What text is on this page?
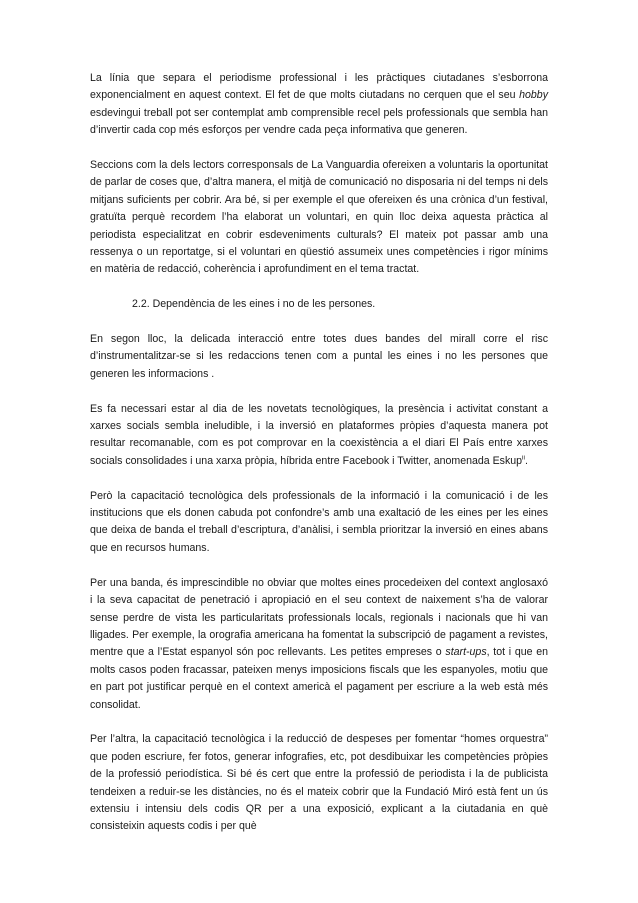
La línia que separa el periodisme professional i les pràctiques ciutadanes s’esborrona exponencialment en aquest context. El fet de que molts ciutadans no cerquen que el seu hobby esdevingui treball pot ser contemplat amb comprensible recel pels professionals que sembla han d’invertir cada cop més esforços per vendre cada peça informativa que generen.

Seccions com la dels lectors corresponsals de La Vanguardia ofereixen a voluntaris la oportunitat de parlar de coses que, d’altra manera, el mitjà de comunicació no disposaria ni del temps ni dels mitjans suficients per cobrir. Ara bé, si per exemple el que ofereixen és una crònica d’un festival, gratuïta perquè recordem l’ha elaborat un voluntari, en quin lloc deixa aquesta pràctica al periodista especialitzat en cobrir esdeveniments culturals? El mateix pot passar amb una ressenya o un reportatge, si el voluntari en qüestió assumeix unes competències i rigor mínims en matèria de redacció, coherència i aprofundiment en el tema tractat.

2.2. Dependència de les eines i no de les persones.

En segon lloc, la delicada interacció entre totes dues bandes del mirall corre el risc d’instrumentalitzar-se si les redaccions tenen com a puntal les eines i no les persones que generen les informacions .

Es fa necessari estar al dia de les novetats tecnològiques, la presència i activitat constant a xarxes socials sembla ineludible, i la inversió en plataformes pròpies d’aquesta manera pot resultar recomanable, com es pot comprovar en la coexistència a el diari El País entre xarxes socials consolidades i una xarxa pròpia, híbrida entre Facebook i Twitter, anomenada Eskup$^{ii}$.

Però la capacitació tecnològica dels professionals de la informació i la comunicació i de les institucions que els donen cabuda pot confondre’s amb una exaltació de les eines per les eines que deixa de banda el treball d’escriptura, d’anàlisi, i sembla prioritzar la inversió en eines abans que en recursos humans.

Per una banda, és imprescindible no obviar que moltes eines procedeixen del context anglosaxó i la seva capacitat de penetració i apropiació en el seu context de naixement s’ha de valorar sense perdre de vista les particularitats professionals locals, regionals i nacionals que hi van lligades. Per exemple, la orografia americana ha fomentat la subscripció de pagament a revistes, mentre que a l’Estat espanyol són poc rellevants. Les petites empreses o start-ups, tot i que en molts casos poden fracassar, pateixen menys imposicions fiscals que les espanyoles, motiu que en part pot justificar perquè en el context americà el pagament per escriure a la web està més consolidat.

Per l’altra, la capacitació tecnològica i la reducció de despeses per fomentar “homes orquestra” que poden escriure, fer fotos, generar infografies, etc, pot desdibuixar les competències pròpies de la professió periodística. Si bé és cert que entre la professió de periodista i la de publicista tendeixen a reduir-se les distàncies, no és el mateix cobrir que la Fundació Miró està fent un ús extensiu i intensiu dels codis QR per a una exposició, explicant a la ciutadania en què consisteixin aquests codis i per què
